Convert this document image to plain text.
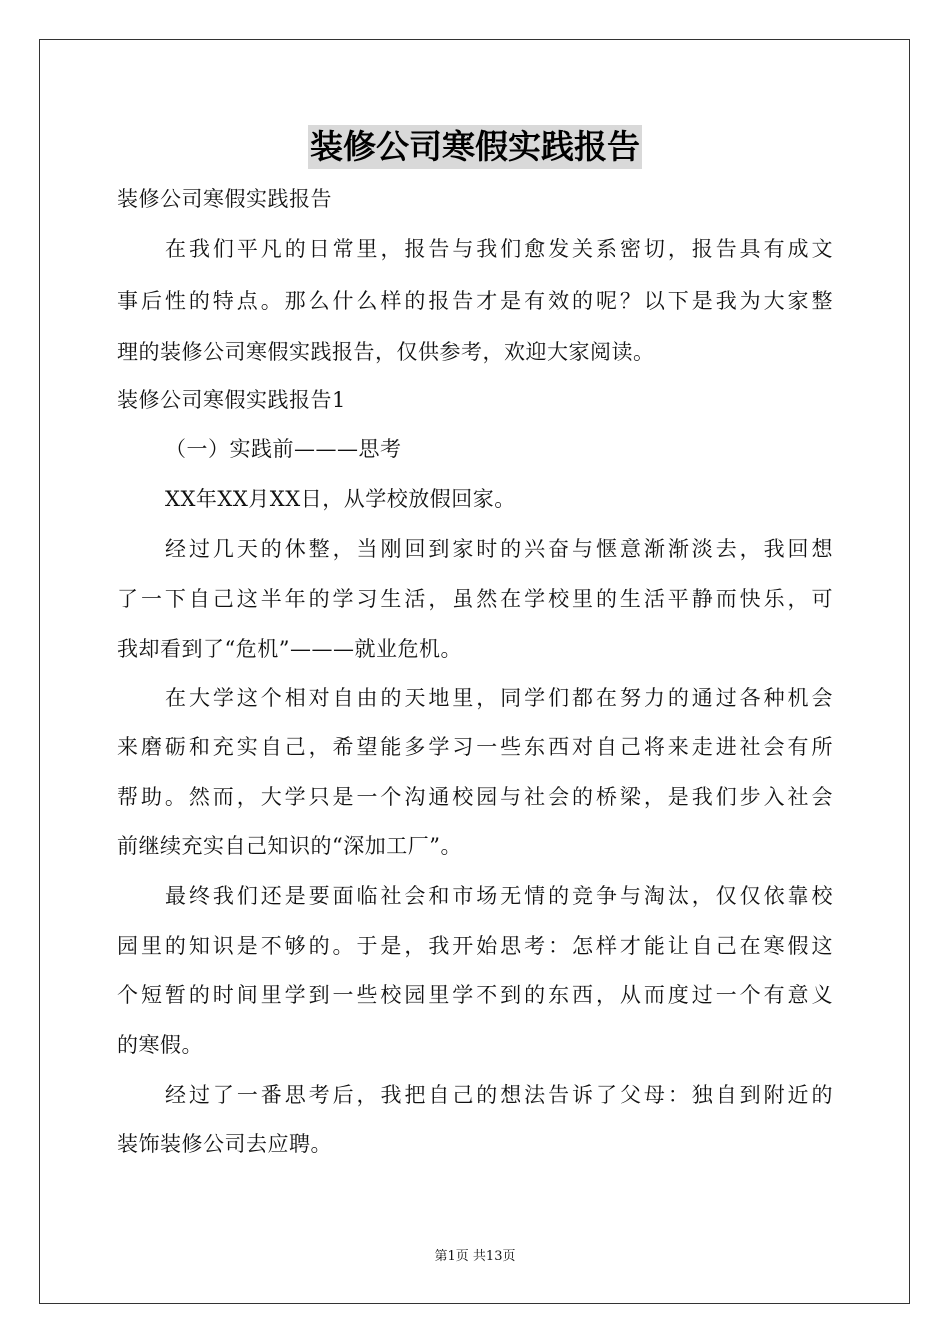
装修公司寒假实践报告
装修公司寒假实践报告
在我们平凡的日常里，报告与我们愈发关系密切，报告具有成文
事后性的特点。那么什么样的报告才是有效的呢？以下是我为大家整
理的装修公司寒假实践报告，仅供参考，欢迎大家阅读。
装修公司寒假实践报告1
（一）实践前———思考
XX年XX月XX日，从学校放假回家。
经过几天的休整，当刚回到家时的兴奋与惬意渐渐淡去，我回想
了一下自己这半年的学习生活，虽然在学校里的生活平静而快乐，可
我却看到了“危机”———就业危机。
在大学这个相对自由的天地里，同学们都在努力的通过各种机会
来磨砺和充实自己，希望能多学习一些东西对自己将来走进社会有所
帮助。然而，大学只是一个沟通校园与社会的桥梁，是我们步入社会
前继续充实自己知识的“深加工厂”。
最终我们还是要面临社会和市场无情的竞争与淘汰，仅仅依靠校
园里的知识是不够的。于是，我开始思考：怎样才能让自己在寒假这
个短暂的时间里学到一些校园里学不到的东西，从而度过一个有意义
的寒假。
经过了一番思考后，我把自己的想法告诉了父母：独自到附近的
装饰装修公司去应聘。
第1页 共13页
